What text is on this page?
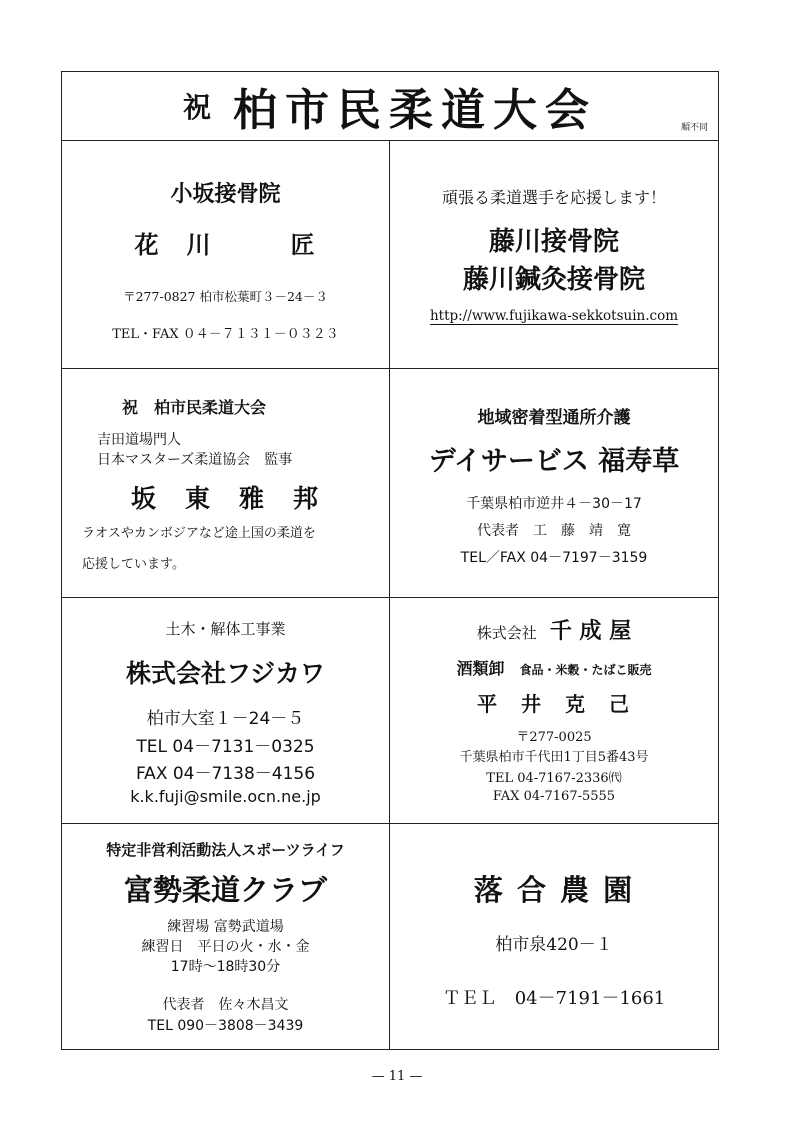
祝 柏市民柔道大会	順不同
小坂接骨院
花　川　　　匠
〒277-0827 柏市松葉町３－24－３
TEL・FAX ０４－７１３１－０３２３
頑張る柔道選手を応援します！
藤川接骨院
藤川鍼灸接骨院
http://www.fujikawa-sekkotsuin.com
祝　柏市民柔道大会
吉田道場門人
日本マスターズ柔道協会　監事
坂　東　雅　邦
ラオスやカンボジアなど途上国の柔道を
応援しています。
地域密着型通所介護
デイサービス 福寿草
千葉県柏市逆井４－30－17
代表者　工　藤　靖　寛
TEL／FAX 04－7197－3159
土木・解体工事業
株式会社フジカワ
柏市大室１－24－５
TEL 04－7131－0325
FAX 04－7138－4156
k.k.fuji@smile.ocn.ne.jp
株式会社 千 成 屋
酒類卸 食品・米穀・たばこ販売
平　井　克　己
〒277-0025
千葉県柏市千代田1丁目5番43号
TEL 04-7167-2336㈹
FAX 04-7167-5555
特定非営利活動法人スポーツライフ
富勢柔道クラブ
練習場 富勢武道場
練習日　平日の火・水・金
17時～18時30分
代表者　佐々木昌文
TEL 090－3808－3439
落 合 農 園
柏市泉420－１
ＴＥＬ　04－7191－1661
— 11 —
